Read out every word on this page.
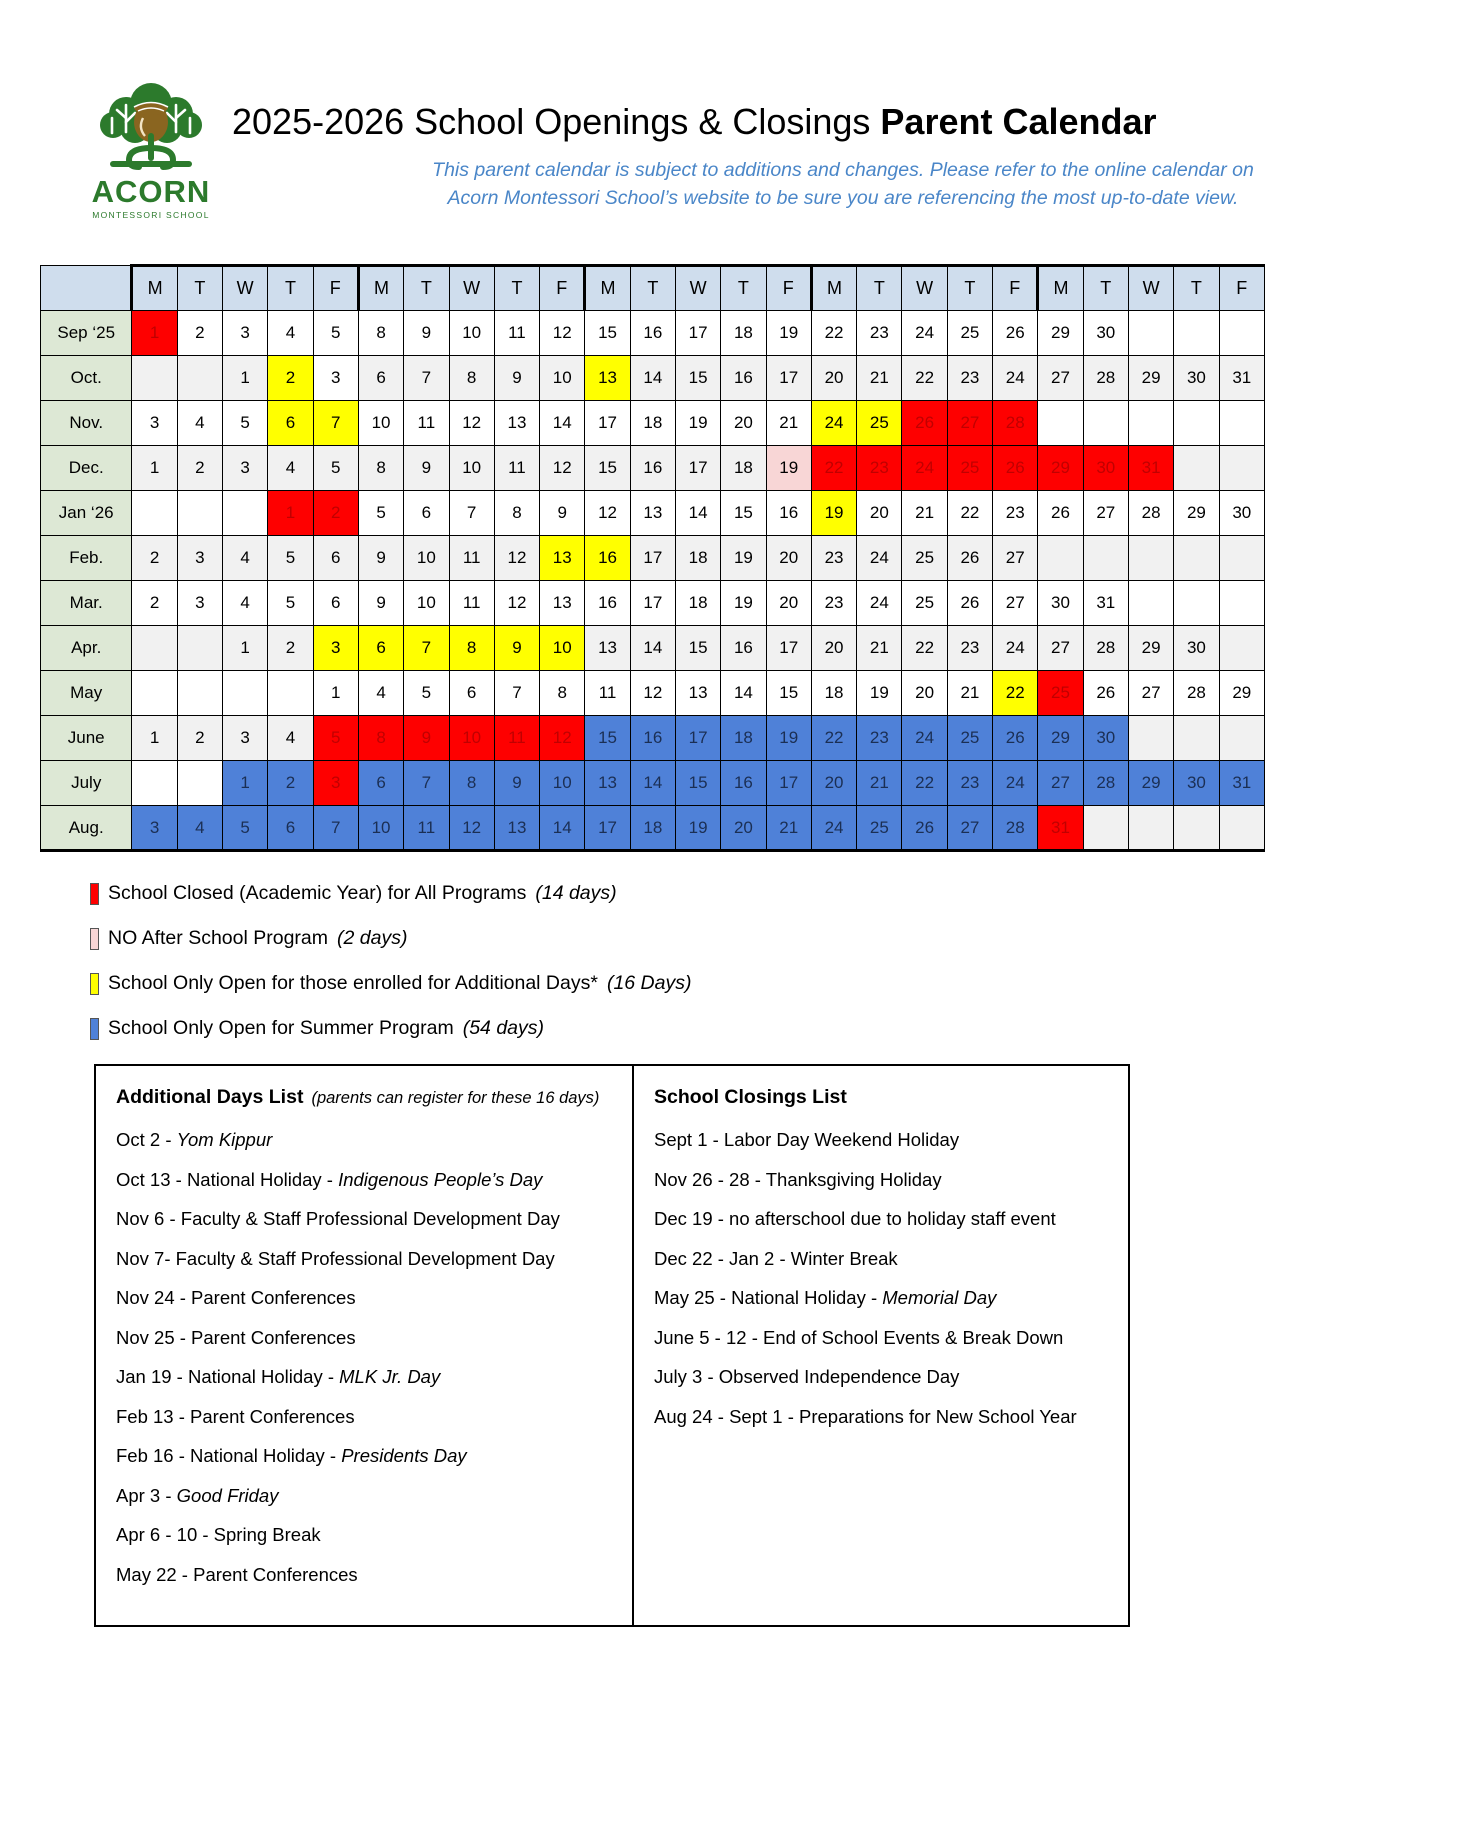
ACORN
MONTESSORI SCHOOL
2025-2026 School Openings & Closings Parent Calendar
This parent calendar is subject to additions and changes. Please refer to the online calendar on
Acorn Montessori School’s website to be sure you are referencing the most up-to-date view.
	M	T	W	T	F	M	T	W	T	F	M	T	W	T	F	M	T	W	T	F	M	T	W	T	F
Sep ‘25	1	2	3	4	5	8	9	10	11	12	15	16	17	18	19	22	23	24	25	26	29	30			
Oct.			1	2	3	6	7	8	9	10	13	14	15	16	17	20	21	22	23	24	27	28	29	30	31
Nov.	3	4	5	6	7	10	11	12	13	14	17	18	19	20	21	24	25	26	27	28					
Dec.	1	2	3	4	5	8	9	10	11	12	15	16	17	18	19	22	23	24	25	26	29	30	31		
Jan ‘26				1	2	5	6	7	8	9	12	13	14	15	16	19	20	21	22	23	26	27	28	29	30
Feb.	2	3	4	5	6	9	10	11	12	13	16	17	18	19	20	23	24	25	26	27					
Mar.	2	3	4	5	6	9	10	11	12	13	16	17	18	19	20	23	24	25	26	27	30	31			
Apr.			1	2	3	6	7	8	9	10	13	14	15	16	17	20	21	22	23	24	27	28	29	30	
May					1	4	5	6	7	8	11	12	13	14	15	18	19	20	21	22	25	26	27	28	29
June	1	2	3	4	5	8	9	10	11	12	15	16	17	18	19	22	23	24	25	26	29	30			
July			1	2	3	6	7	8	9	10	13	14	15	16	17	20	21	22	23	24	27	28	29	30	31
Aug.	3	4	5	6	7	10	11	12	13	14	17	18	19	20	21	24	25	26	27	28	31				
School Closed (Academic Year) for All Programs (14 days)
NO After School Program (2 days)
School Only Open for those enrolled for Additional Days* (16 Days)
School Only Open for Summer Program (54 days)
Additional Days List (parents can register for these 16 days)
Oct 2 - Yom Kippur
Oct 13 - National Holiday - Indigenous People’s Day
Nov 6 - Faculty & Staff Professional Development Day
Nov 7- Faculty & Staff Professional Development Day
Nov 24 - Parent Conferences
Nov 25 - Parent Conferences
Jan 19 - National Holiday - MLK Jr. Day
Feb 13 - Parent Conferences
Feb 16 - National Holiday - Presidents Day
Apr 3 - Good Friday
Apr 6 - 10 - Spring Break
May 22 - Parent Conferences
School Closings List
Sept 1 - Labor Day Weekend Holiday
Nov 26 - 28 - Thanksgiving Holiday
Dec 19 - no afterschool due to holiday staff event
Dec 22 - Jan 2 - Winter Break
May 25 - National Holiday - Memorial Day
June 5 - 12 - End of School Events & Break Down
July 3 - Observed Independence Day
Aug 24 - Sept 1 - Preparations for New School Year
